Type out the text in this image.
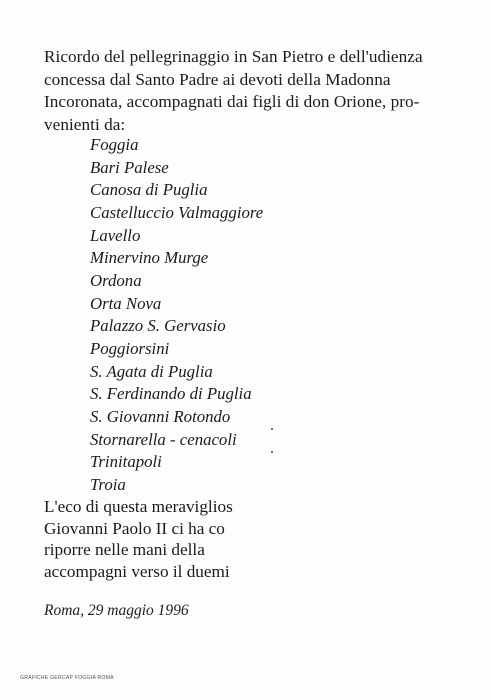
Ricordo del pellegrinaggio in San Pietro e dell'udienza
concessa dal Santo Padre ai devoti della Madonna
Incoronata, accompagnati dai figli di don Orione, pro-
venienti da:

Foggia
Bari Palese
Canosa di Puglia
Castelluccio Valmaggiore
Lavello
Minervino Murge
Ordona
Orta Nova
Palazzo S. Gervasio
Poggiorsini
S. Agata di Puglia
S. Ferdinando di Puglia
S. Giovanni Rotondo
Stornarella - cenacoli
Trinitapoli
Troia

L'eco di questa meraviglios
Giovanni Paolo II ci ha co
riporre nelle mani della
accompagni verso il duemi

Roma, 29 maggio 1996

GRAFICHE GERCAP FOGGIA ROMA
